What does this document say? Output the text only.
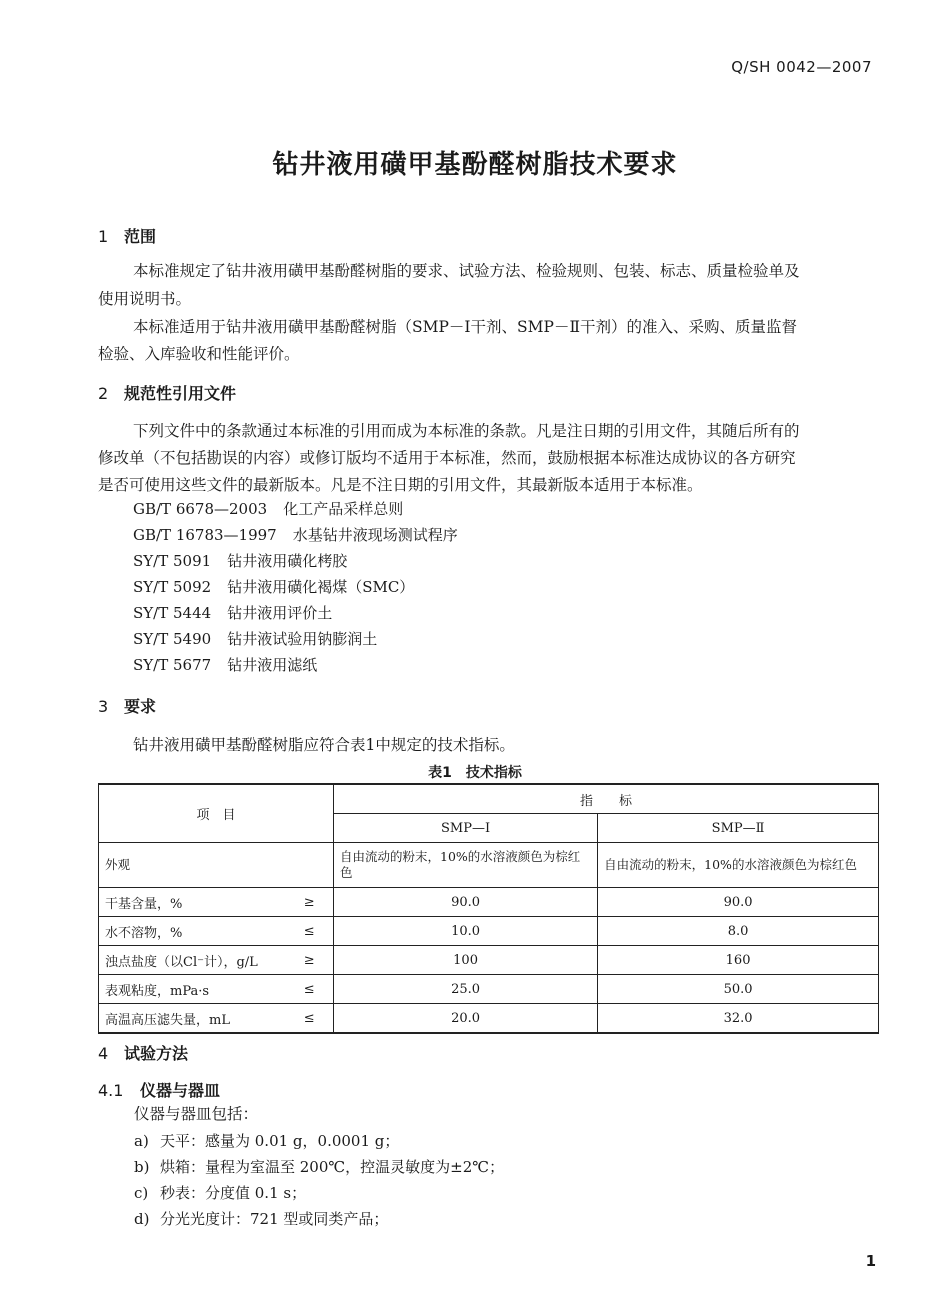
Q/SH 0042—2007
钻井液用磺甲基酚醛树脂技术要求
1 范围
本标准规定了钻井液用磺甲基酚醛树脂的要求、试验方法、检验规则、包装、标志、质量检验单及
使用说明书。
本标准适用于钻井液用磺甲基酚醛树脂（SMP－Ⅰ干剂、SMP－Ⅱ干剂）的准入、采购、质量监督
检验、入库验收和性能评价。
2 规范性引用文件
下列文件中的条款通过本标准的引用而成为本标准的条款。凡是注日期的引用文件，其随后所有的
修改单（不包括勘误的内容）或修订版均不适用于本标准，然而，鼓励根据本标准达成协议的各方研究
是否可使用这些文件的最新版本。凡是不注日期的引用文件，其最新版本适用于本标准。
GB/T 6678—2003 化工产品采样总则
GB/T 16783—1997 水基钻井液现场测试程序
SY/T 5091 钻井液用磺化栲胶
SY/T 5092 钻井液用磺化褐煤（SMC）
SY/T 5444 钻井液用评价土
SY/T 5490 钻井液试验用钠膨润土
SY/T 5677 钻井液用滤纸
3 要求
钻井液用磺甲基酚醛树脂应符合表1中规定的技术指标。
表1 技术指标
项　目		指　　标	
		SMP—Ⅰ	SMP—Ⅱ
外观		自由流动的粉末，10%的水溶液颜色为棕红色	自由流动的粉末，10%的水溶液颜色为棕红色
干基含量，%	≥	90.0	90.0
水不溶物，%	≤	10.0	8.0
浊点盐度（以Cl⁻计），g/L	≥	100	160
表观粘度，mPa·s	≤	25.0	50.0
高温高压滤失量，mL	≤	20.0	32.0
4 试验方法
4.1 仪器与器皿
仪器与器皿包括：
a) 天平：感量为 0.01 g，0.0001 g；
b) 烘箱：量程为室温至 200℃，控温灵敏度为±2℃；
c) 秒表：分度值 0.1 s；
d) 分光光度计：721 型或同类产品；
1
